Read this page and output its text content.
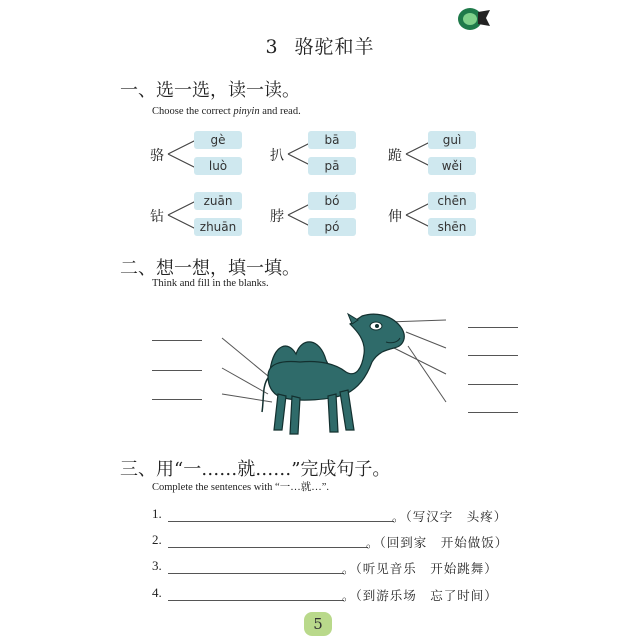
3 骆驼和羊
一、选一选，读一读。
Choose the correct pinyin and read.
骆
gè
luò
扒
bā
pā
跪
guì
wěi
钻
zuān
zhuān
脖
bó
pó
伸
chēn
shēn
二、想一想，填一填。
Think and fill in the blanks.
三、用“一……就……”完成句子。
Complete the sentences with “一…就…”.
1.	。（写汉字　头疼）
2.	。（回到家　开始做饭）
3.	。（听见音乐　开始跳舞）
4.	。（到游乐场　忘了时间）
5
